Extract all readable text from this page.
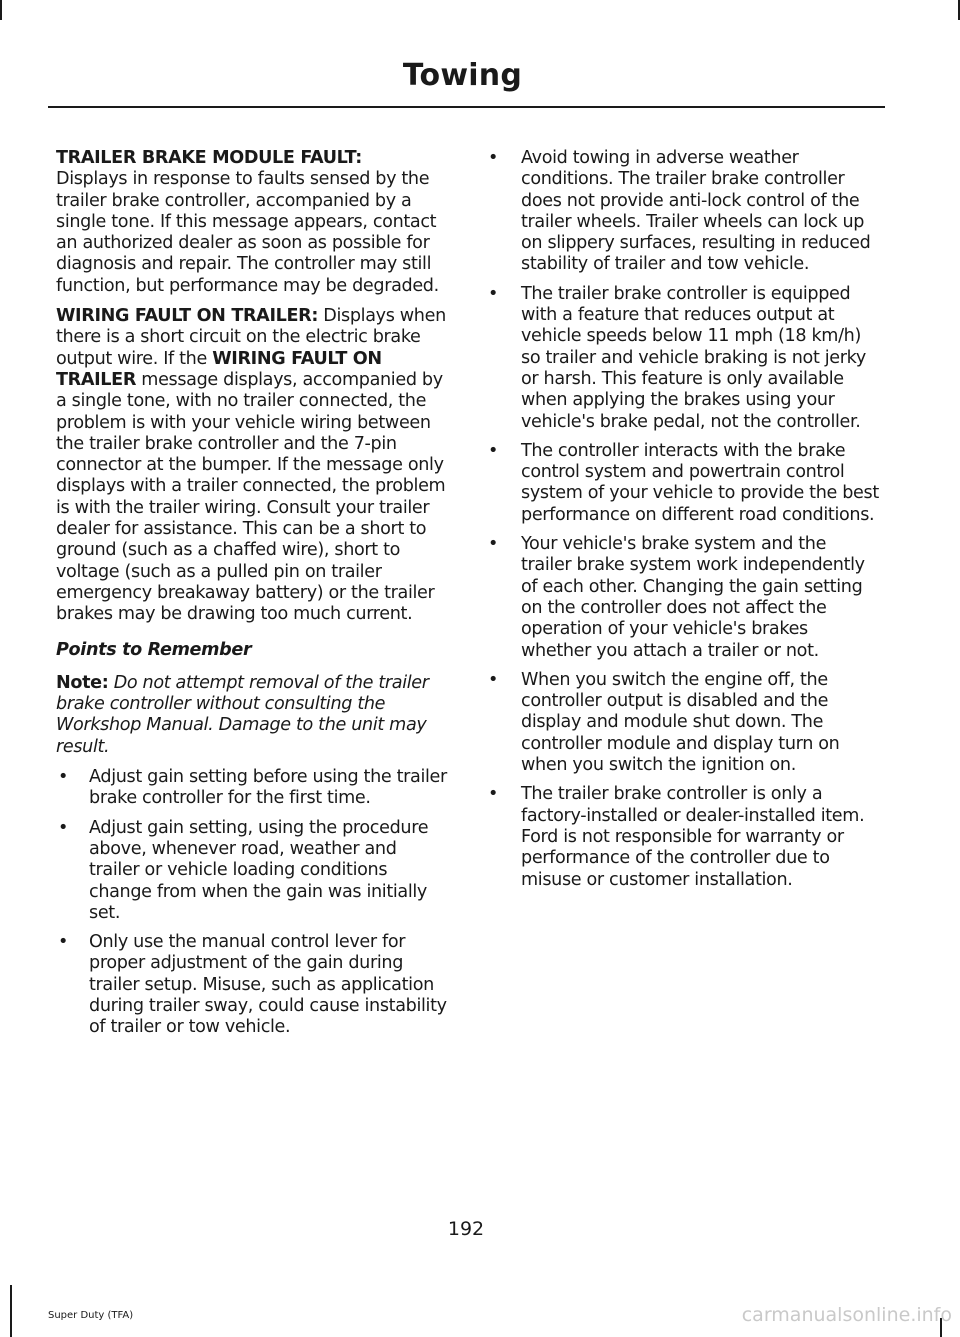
Towing

TRAILER BRAKE MODULE FAULT:
Displays in response to faults sensed by the trailer brake controller, accompanied by a single tone. If this message appears, contact an authorized dealer as soon as possible for diagnosis and repair. The controller may still function, but performance may be degraded.

WIRING FAULT ON TRAILER: Displays when there is a short circuit on the electric brake output wire. If the WIRING FAULT ON TRAILER message displays, accompanied by a single tone, with no trailer connected, the problem is with your vehicle wiring between the trailer brake controller and the 7-pin connector at the bumper. If the message only displays with a trailer connected, the problem is with the trailer wiring. Consult your trailer dealer for assistance. This can be a short to ground (such as a chaffed wire), short to voltage (such as a pulled pin on trailer emergency breakaway battery) or the trailer brakes may be drawing too much current.

Points to Remember

Note: Do not attempt removal of the trailer brake controller without consulting the Workshop Manual. Damage to the unit may result.

• Adjust gain setting before using the trailer brake controller for the first time.
• Adjust gain setting, using the procedure above, whenever road, weather and trailer or vehicle loading conditions change from when the gain was initially set.
• Only use the manual control lever for proper adjustment of the gain during trailer setup. Misuse, such as application during trailer sway, could cause instability of trailer or tow vehicle.
• Avoid towing in adverse weather conditions. The trailer brake controller does not provide anti-lock control of the trailer wheels. Trailer wheels can lock up on slippery surfaces, resulting in reduced stability of trailer and tow vehicle.
• The trailer brake controller is equipped with a feature that reduces output at vehicle speeds below 11 mph (18 km/h) so trailer and vehicle braking is not jerky or harsh. This feature is only available when applying the brakes using your vehicle's brake pedal, not the controller.
• The controller interacts with the brake control system and powertrain control system of your vehicle to provide the best performance on different road conditions.
• Your vehicle's brake system and the trailer brake system work independently of each other. Changing the gain setting on the controller does not affect the operation of your vehicle's brakes whether you attach a trailer or not.
• When you switch the engine off, the controller output is disabled and the display and module shut down. The controller module and display turn on when you switch the ignition on.
• The trailer brake controller is only a factory-installed or dealer-installed item. Ford is not responsible for warranty or performance of the controller due to misuse or customer installation.
192
Super Duty (TFA)	carmanualsonline.info
